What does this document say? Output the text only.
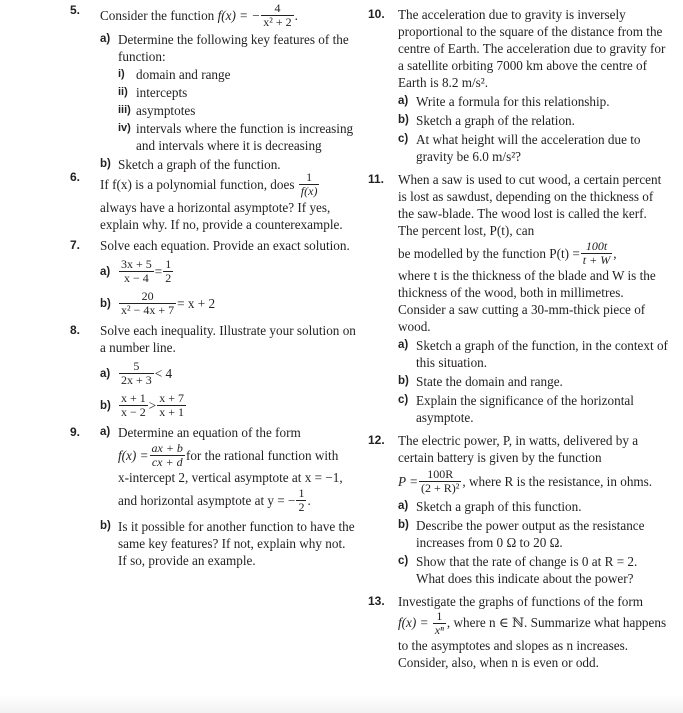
5. Consider the function
f(x) = − $\frac{4}{\text{x² + 2}}$ .
a) Determine the following key features of the function:
i) domain and range
ii) intercepts
iii) asymptotes
iv) intervals where the function is increasing and intervals where it is decreasing
b) Sketch a graph of the function.
6. If f(x) is a polynomial function, does
$\frac{1}{f(x)}$
always have a horizontal asymptote? If yes, explain why. If no, provide a counterexample.
7. Solve each equation. Provide an exact solution.
$a) \frac{3x + 5}{x - 4} = \frac{1}{2}$
$b) \frac{20}{\text{x² − 4x + 7}} = x + 2$
8. Solve each inequality. Illustrate your solution on a number line.
$a) \frac{5}{2x + 3} < 4$
$b) \frac{x + 1}{x - 2} > \frac{x + 7}{x + 1}$
9. a) Determine an equation of the form
$f(x) = \frac{ax + b}{cx + d}$ for the rational function with
x-intercept 2, vertical asymptote at x = −1,
and horizontal asymptote at y = − $\frac{1}{2}$ .
b) Is it possible for another function to have the same key features? If not, explain why not. If so, provide an example.
10. The acceleration due to gravity is inversely proportional to the square of the distance from the centre of Earth. The acceleration due to gravity for a satellite orbiting 7000 km above the centre of Earth is 8.2 m/s².
a) Write a formula for this relationship.
b) Sketch a graph of the relation.
c) At what height will the acceleration due to gravity be 6.0 m/s²?
11. When a saw is used to cut wood, a certain percent is lost as sawdust, depending on the thickness of the saw-blade. The wood lost is called the kerf. The percent lost, P(t), can
be modelled by the function $P(t) = \frac{100t}{t + W}$ ,
where t is the thickness of the blade and W is the thickness of the wood, both in millimetres. Consider a saw cutting a 30-mm-thick piece of wood.
a) Sketch a graph of the function, in the context of this situation.
b) State the domain and range.
c) Explain the significance of the horizontal asymptote.
12. The electric power, P, in watts, delivered by a certain battery is given by the function
$P = \frac{100R}{\text{(2 + R)²}}$ , where R is the resistance, in ohms.
a) Sketch a graph of this function.
b) Describe the power output as the resistance increases from 0 Ω to 20 Ω.
c) Show that the rate of change is 0 at R = 2. What does this indicate about the power?
13. Investigate the graphs of functions of the form
$f(x) = \frac{1}{\text{xⁿ}}$ , where n ∈ ℕ. Summarize what happens to the asymptotes and slopes as n increases. Consider, also, when n is even or odd.
